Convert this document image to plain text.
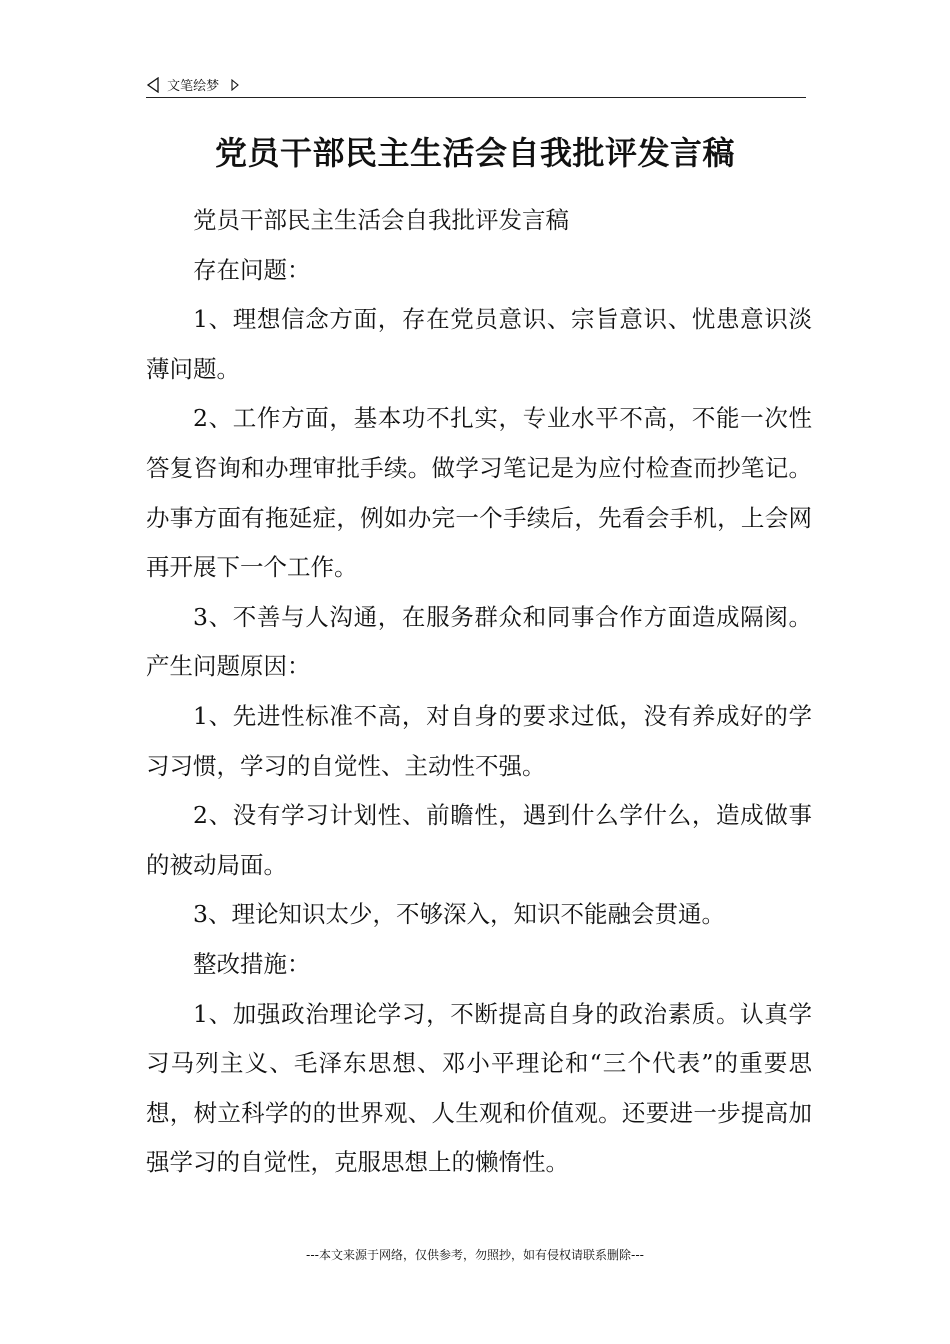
文笔绘梦
党员干部民主生活会自我批评发言稿

党员干部民主生活会自我批评发言稿

存在问题：

1、理想信念方面，存在党员意识、宗旨意识、忧患意识淡薄问题。

2、工作方面，基本功不扎实，专业水平不高，不能一次性答复咨询和办理审批手续。做学习笔记是为应付检查而抄笔记。办事方面有拖延症，例如办完一个手续后，先看会手机，上会网再开展下一个工作。

3、不善与人沟通，在服务群众和同事合作方面造成隔阂。产生问题原因：

1、先进性标准不高，对自身的要求过低，没有养成好的学习习惯，学习的自觉性、主动性不强。

2、没有学习计划性、前瞻性，遇到什么学什么，造成做事的被动局面。

3、理论知识太少，不够深入，知识不能融会贯通。

整改措施：

1、加强政治理论学习，不断提高自身的政治素质。认真学习马列主义、毛泽东思想、邓小平理论和“三个代表”的重要思想，树立科学的的世界观、人生观和价值观。还要进一步提高加强学习的自觉性，克服思想上的懒惰性。

---本文来源于网络，仅供参考，勿照抄，如有侵权请联系删除---
